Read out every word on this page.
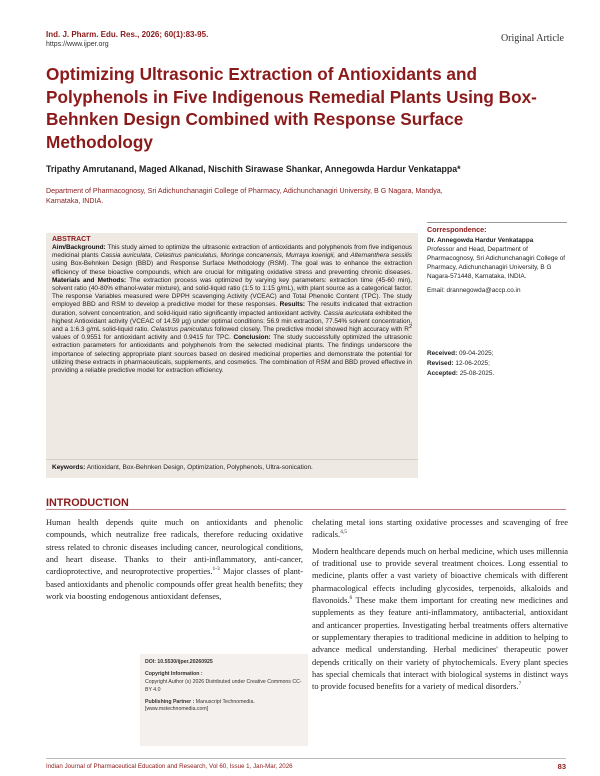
Ind. J. Pharm. Edu. Res., 2026; 60(1):83-95.
https://www.ijper.org
Original Article
Optimizing Ultrasonic Extraction of Antioxidants and Polyphenols in Five Indigenous Remedial Plants Using Box-Behnken Design Combined with Response Surface Methodology
Tripathy Amrutanand, Maged Alkanad, Nischith Sirawase Shankar, Annegowda Hardur Venkatappa*
Department of Pharmacognosy, Sri Adichunchanagiri College of Pharmacy, Adichunchanagiri University, B G Nagara, Mandya, Karnataka, INDIA.
ABSTRACT

Aim/Background: This study aimed to optimize the ultrasonic extraction of antioxidants and polyphenols from five indigenous medicinal plants Cassia auriculata, Celastrus paniculatus, Moringa concanensis, Murraya koenigii, and Alternanthera sessilis using Box-Behnken Design (BBD) and Response Surface Methodology (RSM). The goal was to enhance the extraction efficiency of these bioactive compounds, which are crucial for mitigating oxidative stress and preventing chronic diseases. Materials and Methods: The extraction process was optimized by varying key parameters: extraction time (45-60 min), solvent ratio (40-80% ethanol-water mixture), and solid-liquid ratio (1:5 to 1:15 g/mL), with plant source as a categorical factor. The response Variables measured were DPPH scavenging Activity (VCEAC) and Total Phenolic Content (TPC). The study employed BBD and RSM to develop a predictive model for these responses. Results: The results indicated that extraction duration, solvent concentration, and solid-liquid ratio significantly impacted antioxidant activity. Cassia auriculata exhibited the highest Antioxidant activity (VCEAC of 14.59 μg) under optimal conditions: 56.9 min extraction, 77.54% solvent concentration, and a 1:6.3 g/mL solid-liquid ratio. Celastrus paniculatus followed closely. The predictive model showed high accuracy with $R^2$ values of 0.9551 for antioxidant activity and 0.9415 for TPC. Conclusion: The study successfully optimized the ultrasonic extraction parameters for antioxidants and polyphenols from the selected medicinal plants. The findings underscore the importance of selecting appropriate plant sources based on desired medicinal properties and demonstrate the potential for utilizing these extracts in pharmaceuticals, supplements, and cosmetics. The combination of RSM and BBD proved effective in providing a reliable predictive model for extraction efficiency.

Keywords: Antioxidant, Box-Behnken Design, Optimization, Polyphenols, Ultra-sonication.
Correspondence:
Dr. Annegowda Hardur Venkatappa
Professor and Head, Department of Pharmacognosy, Sri Adichunchanagiri College of Pharmacy, Adichunchanagiri University, B G Nagara-571448, Karnataka, INDIA.
Email: drannegowda@accp.co.in
Received: 09-04-2025;
Revised: 12-06-2025;
Accepted: 25-08-2025.
INTRODUCTION

Human health depends quite much on antioxidants and phenolic compounds, which neutralize free radicals, therefore reducing oxidative stress related to chronic diseases including cancer, neurological conditions, and heart disease. Thanks to their anti-inflammatory, anti-cancer, cardioprotective, and neuroprotective properties.$^{1-3}$ Major classes of plant-based antioxidants and phenolic compounds offer great health benefits; they work via boosting endogenous antioxidant defenses,

chelating metal ions starting oxidative processes and scavenging of free radicals.$^{4,5}$

Modern healthcare depends much on herbal medicine, which uses millennia of traditional use to provide several treatment choices. Long essential to medicine, plants offer a vast variety of bioactive chemicals with different pharmacological effects including glycosides, terpenoids, alkaloids and flavonoids.$^6$ These make them important for creating new medicines and supplements as they feature anti-inflammatory, antibacterial, antioxidant and anticancer properties. Investigating herbal treatments offers alternative or supplementary therapies to traditional medicine in addition to helping to advance medical understanding. Herbal medicines' therapeutic power depends critically on their variety of phytochemicals. Every plant species has special chemicals that interact with biological systems in distinct ways to provide focused benefits for a variety of medical disorders.$^7$

DOI: 10.5530/ijper.20260925
Copyright Information :
Copyright Author (s) 2026 Distributed under Creative Commons CC-BY 4.0
Publishing Partner : Manuscript Technomedia. [www.mstechnomedia.com]
Indian Journal of Pharmaceutical Education and Research, Vol 60, Issue 1, Jan-Mar, 2026	83
